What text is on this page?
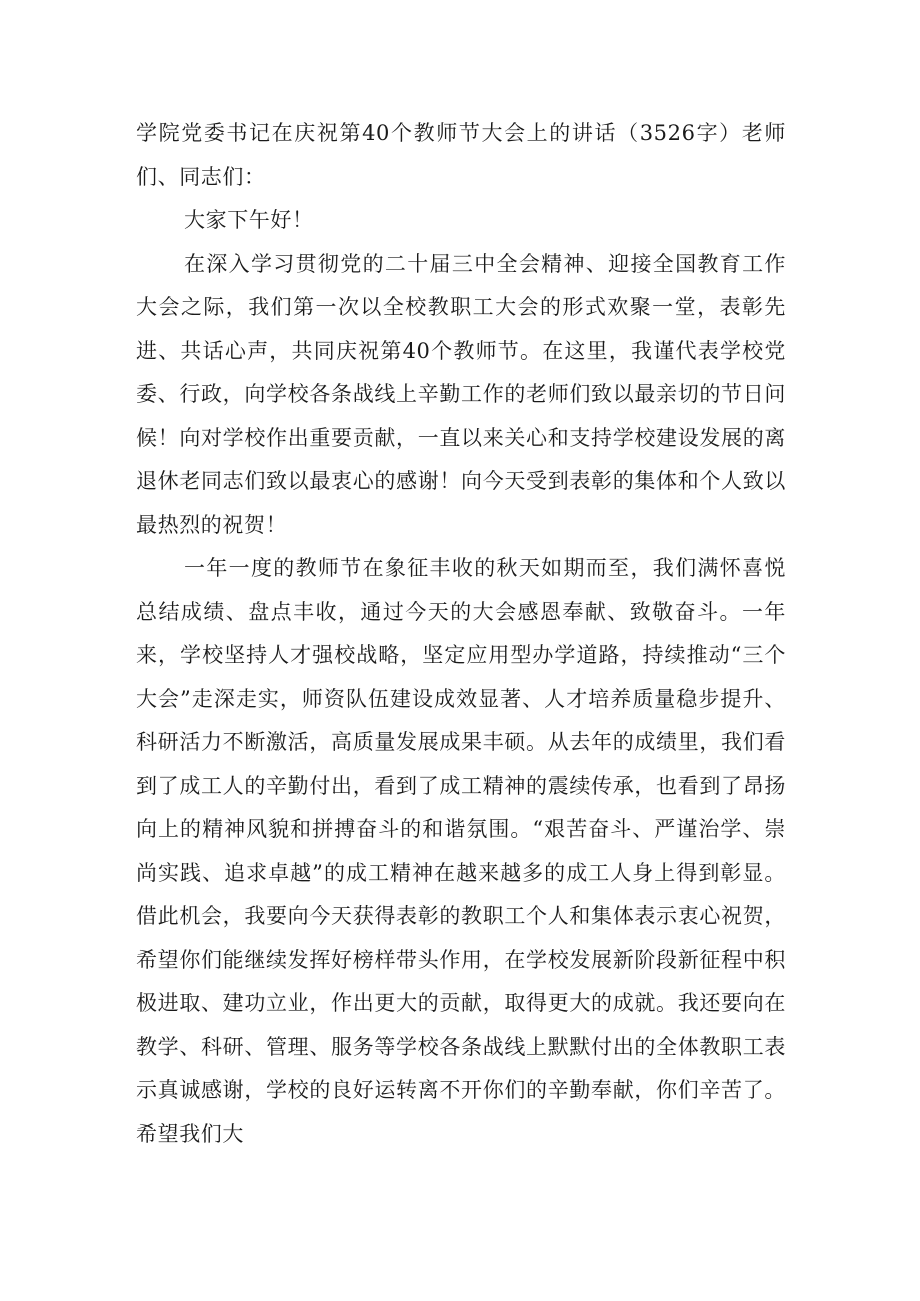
学院党委书记在庆祝第40个教师节大会上的讲话（3526字）老师们、同志们：

大家下午好！

在深入学习贯彻党的二十届三中全会精神、迎接全国教育工作大会之际，我们第一次以全校教职工大会的形式欢聚一堂，表彰先进、共话心声，共同庆祝第40个教师节。在这里，我谨代表学校党委、行政，向学校各条战线上辛勤工作的老师们致以最亲切的节日问候！向对学校作出重要贡献，一直以来关心和支持学校建设发展的离退休老同志们致以最衷心的感谢！向今天受到表彰的集体和个人致以最热烈的祝贺！

一年一度的教师节在象征丰收的秋天如期而至，我们满怀喜悦总结成绩、盘点丰收，通过今天的大会感恩奉献、致敬奋斗。一年来，学校坚持人才强校战略，坚定应用型办学道路，持续推动“三个大会”走深走实，师资队伍建设成效显著、人才培养质量稳步提升、科研活力不断激活，高质量发展成果丰硕。从去年的成绩里，我们看到了成工人的辛勤付出，看到了成工精神的震续传承，也看到了昂扬向上的精神风貌和拼搏奋斗的和谐氛围。“艰苦奋斗、严谨治学、崇尚实践、追求卓越”的成工精神在越来越多的成工人身上得到彰显。借此机会，我要向今天获得表彰的教职工个人和集体表示衷心祝贺，希望你们能继续发挥好榜样带头作用，在学校发展新阶段新征程中积极进取、建功立业，作出更大的贡献，取得更大的成就。我还要向在教学、科研、管理、服务等学校各条战线上默默付出的全体教职工表示真诚感谢，学校的良好运转离不开你们的辛勤奉献，你们辛苦了。希望我们大
